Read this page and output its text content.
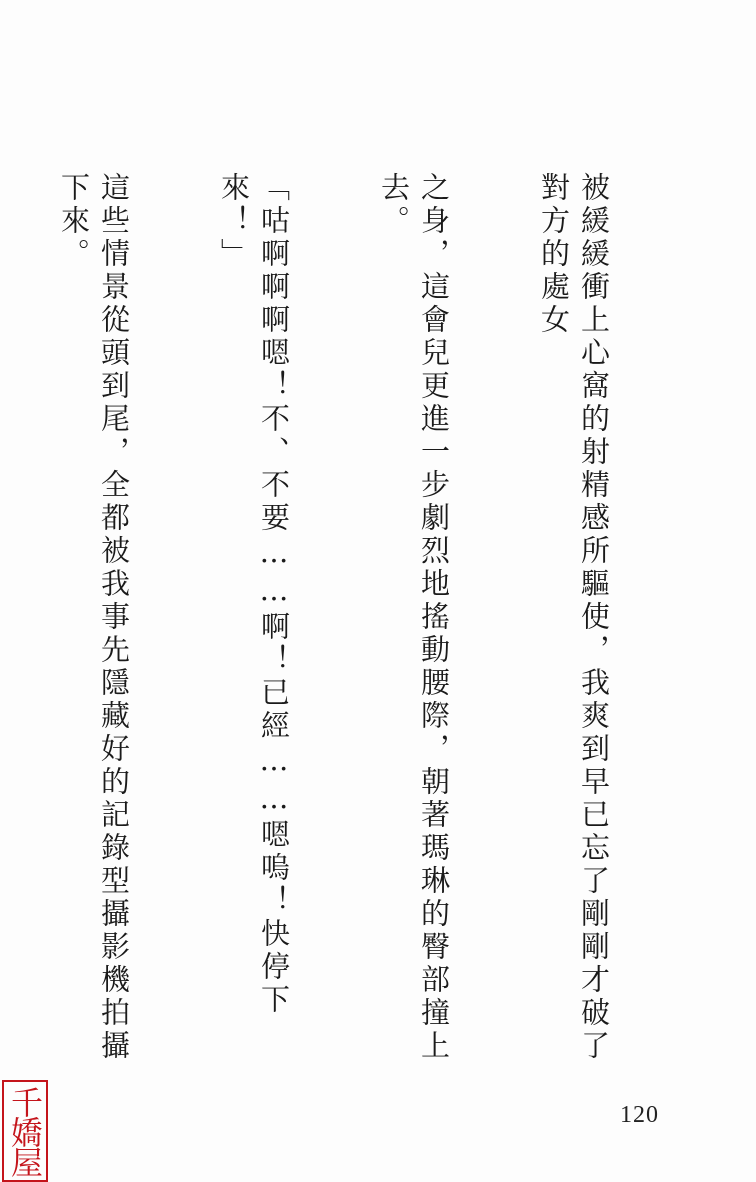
被緩緩衝上心窩的射精感所驅使，我爽到早已忘了剛剛才破了對方的處女

之身，這會兒更進一步劇烈地搖動腰際，朝著瑪琳的臀部撞上去。

「咕啊啊啊嗯！不、不要……啊！已經……嗯嗚！快停下來！」

這些情景從頭到尾，全都被我事先隱藏好的記錄型攝影機拍攝下來。

120
千嬌屋
